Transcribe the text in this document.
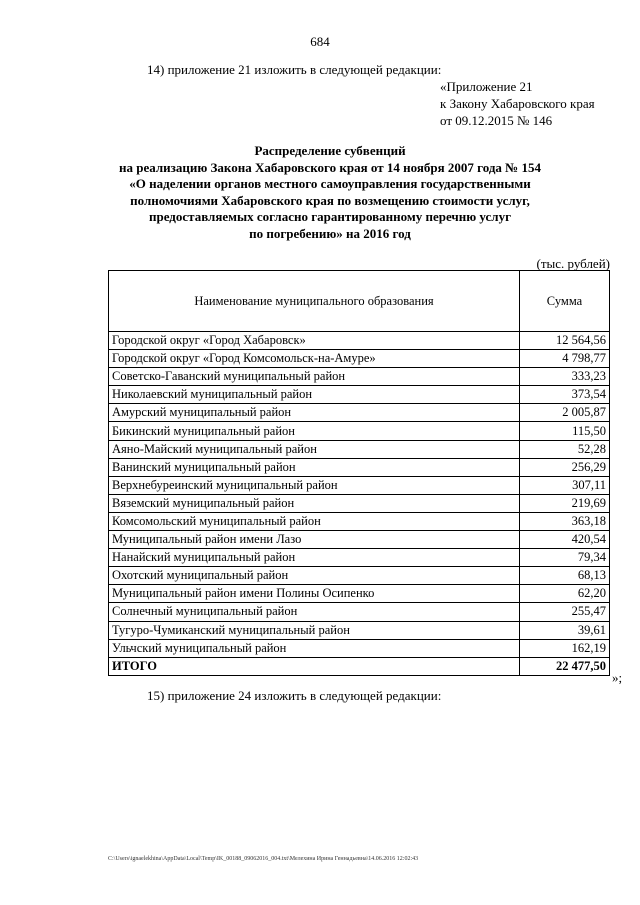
684
14) приложение 21 изложить в следующей редакции:
«Приложение 21
к Закону Хабаровского края
от 09.12.2015 № 146
Распределение субвенций
на реализацию Закона Хабаровского края от 14 ноября 2007 года № 154
«О наделении органов местного самоуправления государственными
полномочиями Хабаровского края по возмещению стоимости услуг,
предоставляемых согласно гарантированному перечню услуг
по погребению» на 2016 год
(тыс. рублей)
Наименование муниципального образования	Сумма
Городской округ «Город Хабаровск»	12 564,56
Городской округ «Город Комсомольск-на-Амуре»	4 798,77
Советско-Гаванский муниципальный район	333,23
Николаевский муниципальный район	373,54
Амурский муниципальный район	2 005,87
Бикинский муниципальный район	115,50
Аяно-Майский муниципальный район	52,28
Ванинский муниципальный район	256,29
Верхнебуреинский муниципальный район	307,11
Вяземский муниципальный район	219,69
Комсомольский муниципальный район	363,18
Муниципальный район имени Лазо	420,54
Нанайский муниципальный район	79,34
Охотский муниципальный район	68,13
Муниципальный район имени Полины Осипенко	62,20
Солнечный муниципальный район	255,47
Тугуро-Чумиканский муниципальный район	39,61
Ульчский муниципальный район	162,19
ИТОГО	22 477,50
»;
15) приложение 24 изложить в следующей редакции:
C:\Users\ignaelekhina\AppData\Local\Temp\IK_00188_09062016_004.txt\Мелехина Ирина Геннадьевна\14.06.2016 12:02:43
